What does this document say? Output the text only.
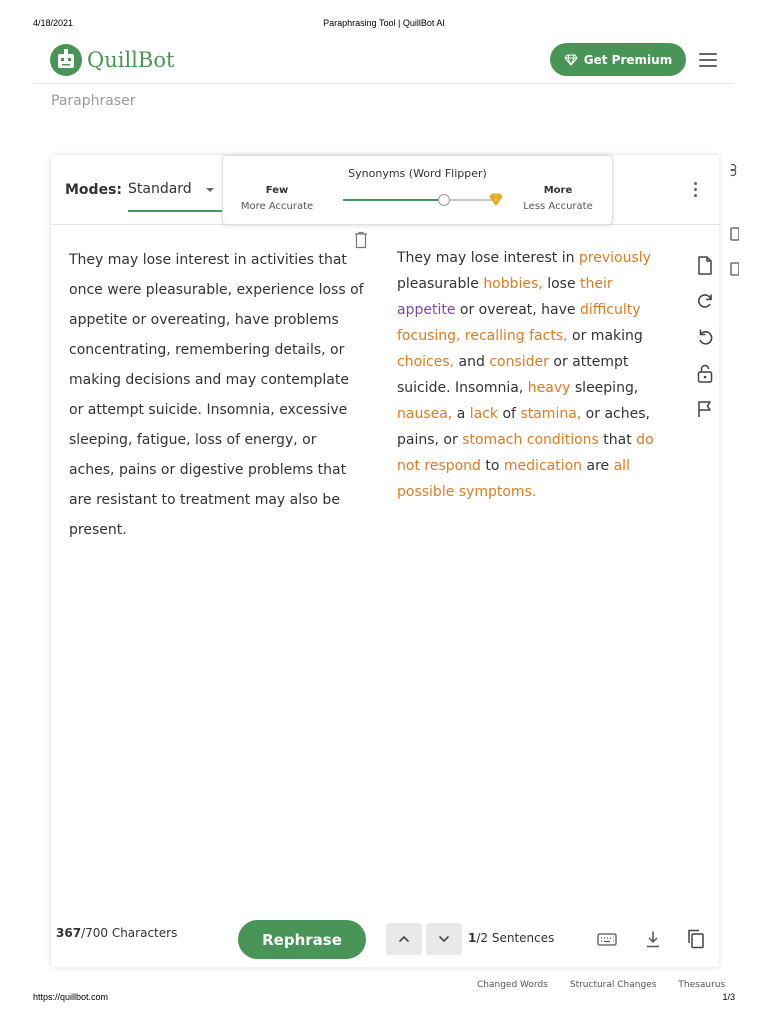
4/18/2021	Paraphrasing Tool | QuillBot AI
QuillBot	Get Premium
Paraphraser
Modes: Standard
Synonyms (Word Flipper)
Few
More Accurate
More
Less Accurate
They may lose interest in activities that once were pleasurable, experience loss of appetite or overeating, have problems concentrating, remembering details, or making decisions and may contemplate or attempt suicide. Insomnia, excessive sleeping, fatigue, loss of energy, or aches, pains or digestive problems that are resistant to treatment may also be present.
They may lose interest in previously pleasurable hobbies, lose their appetite or overeat, have difficulty focusing, recalling facts, or making choices, and consider or attempt suicide. Insomnia, heavy sleeping, nausea, a lack of stamina, or aches, pains, or stomach conditions that do not respond to medication are all possible symptoms.
367/700 Characters	Rephrase	1/2 Sentences
Changed Words Structural Changes Thesaurus
https://quillbot.com	1/3
